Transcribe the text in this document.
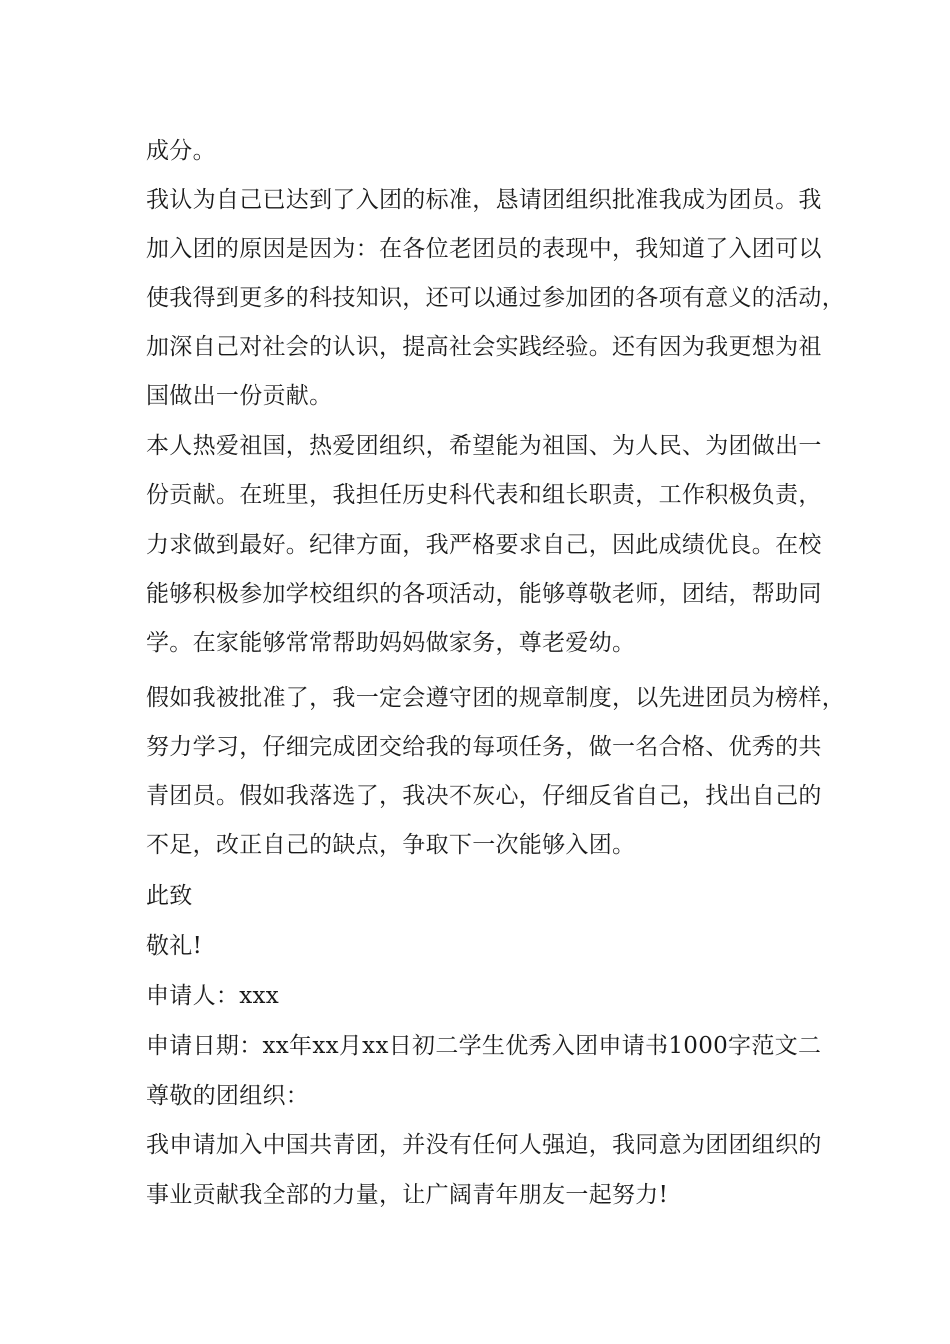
成分。
我认为自己已达到了入团的标准，恳请团组织批准我成为团员。我
加入团的原因是因为：在各位老团员的表现中，我知道了入团可以
使我得到更多的科技知识，还可以通过参加团的各项有意义的活动，
加深自己对社会的认识，提高社会实践经验。还有因为我更想为祖
国做出一份贡献。
本人热爱祖国，热爱团组织，希望能为祖国、为人民、为团做出一
份贡献。在班里，我担任历史科代表和组长职责，工作积极负责，
力求做到最好。纪律方面，我严格要求自己，因此成绩优良。在校
能够积极参加学校组织的各项活动，能够尊敬老师，团结，帮助同
学。在家能够常常帮助妈妈做家务，尊老爱幼。
假如我被批准了，我一定会遵守团的规章制度，以先进团员为榜样，
努力学习，仔细完成团交给我的每项任务，做一名合格、优秀的共
青团员。假如我落选了，我决不灰心，仔细反省自己，找出自己的
不足，改正自己的缺点，争取下一次能够入团。
此致
敬礼!
申请人：xxx
申请日期：xx年xx月xx日初二学生优秀入团申请书1000字范文二
尊敬的团组织：
我申请加入中国共青团，并没有任何人强迫，我同意为团团组织的
事业贡献我全部的力量，让广阔青年朋友一起努力!
